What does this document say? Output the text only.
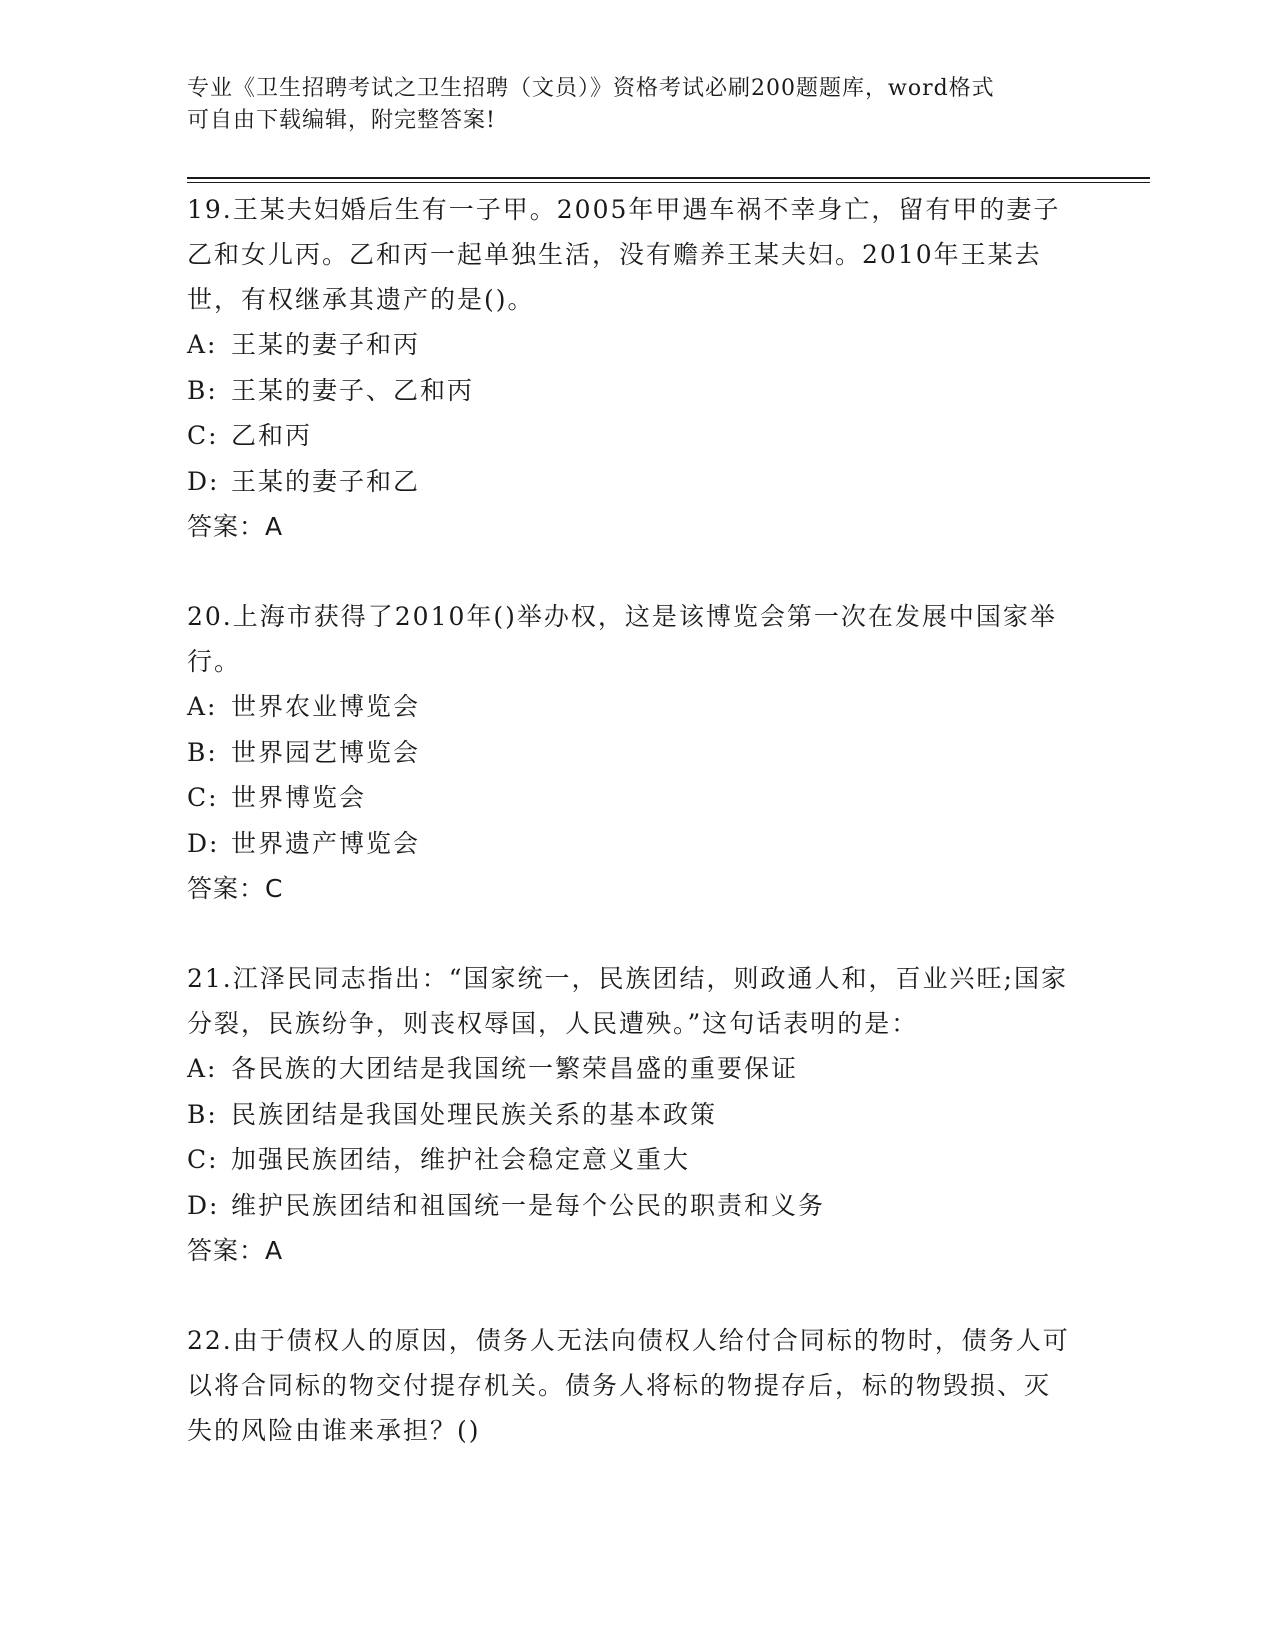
专业《卫生招聘考试之卫生招聘（文员）》资格考试必刷200题题库，word格式

可自由下载编辑，附完整答案!

19.王某夫妇婚后生有一子甲。2005年甲遇车祸不幸身亡，留有甲的妻子乙和女儿丙。乙和丙一起单独生活，没有赡养王某夫妇。2010年王某去世，有权继承其遗产的是()。

A: 王某的妻子和丙

B: 王某的妻子、乙和丙

C: 乙和丙

D: 王某的妻子和乙

答案：A

20.上海市获得了2010年()举办权，这是该博览会第一次在发展中国家举行。

A: 世界农业博览会

B: 世界园艺博览会

C: 世界博览会

D: 世界遗产博览会

答案：C

21.江泽民同志指出：“国家统一，民族团结，则政通人和，百业兴旺;国家分裂，民族纷争，则丧权辱国，人民遭殃。”这句话表明的是：

A: 各民族的大团结是我国统一繁荣昌盛的重要保证

B: 民族团结是我国处理民族关系的基本政策

C: 加强民族团结，维护社会稳定意义重大

D: 维护民族团结和祖国统一是每个公民的职责和义务

答案：A

22.由于债权人的原因，债务人无法向债权人给付合同标的物时，债务人可以将合同标的物交付提存机关。债务人将标的物提存后，标的物毁损、灭失的风险由谁来承担？()
